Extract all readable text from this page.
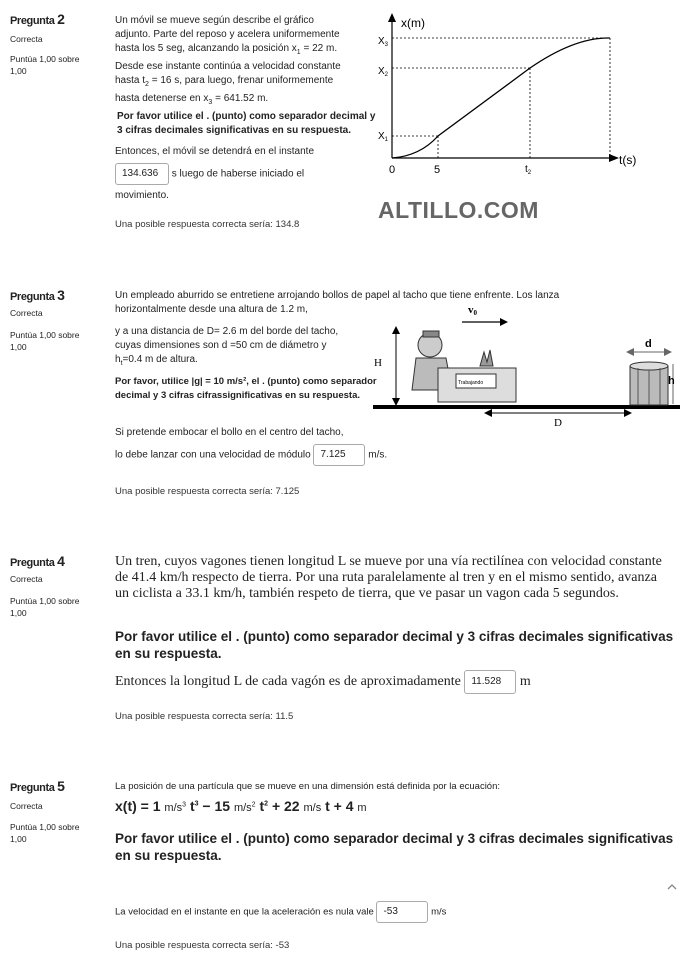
Pregunta 2
Correcta
Puntúa 1,00 sobre 1,00
Un móvil se mueve según describe el gráfico
adjunto. Parte del reposo y acelera uniformemente
hasta los 5 seg, alcanzando la posición $x_1 = 22$ m.
Desde ese instante continúa a velocidad constante
hasta $t_2 = 16$ s, para luego, frenar uniformemente
hasta detenerse en $x_3 = 641.52$ m.
Por favor utilice el . (punto) como separador decimal y 3 cifras decimales significativas en su respuesta.
Entonces, el móvil se detendrá en el instante
134.636 s luego de haberse iniciado el
movimiento.
Una posible respuesta correcta sería: 134.8
x(m)
t(s)
0	5	$t_2$
$X_3$
$X_2$
$X_1$
ALTILLO.COM
Pregunta 3
Correcta
Puntúa 1,00 sobre 1,00
Un empleado aburrido se entretiene arrojando bollos de papel al tacho que tiene enfrente. Los lanza
horizontalmente desde una altura de 1.2 m,
y a una distancia de D= 2.6 m del borde del tacho,
cuyas dimensiones son d =50 cm de diámetro y
$h_t=0.4$ m de altura.
Por favor, utilice |g| = 10 m/s², el . (punto) como separador decimal y 3 cifras cifrassignificativas en su respuesta.
Si pretende embocar el bollo en el centro del tacho,
lo debe lanzar con una velocidad de módulo 7.125 m/s.
Una posible respuesta correcta sería: 7.125
H
v0
Trabajando
D
d
h
Pregunta 4
Correcta
Puntúa 1,00 sobre 1,00
Un tren, cuyos vagones tienen longitud L se mueve por una vía rectilínea con velocidad constante de 41.4 km/h respecto de tierra. Por una ruta paralelamente al tren y en el mismo sentido, avanza un ciclista a 33.1 km/h, también respeto de tierra, que ve pasar un vagon cada 5 segundos.
Por favor utilice el . (punto) como separador decimal y 3 cifras decimales significativas en su respuesta.
Entonces la longitud L de cada vagón es de aproximadamente 11.528 m
Una posible respuesta correcta sería: 11.5
Pregunta 5
Correcta
Puntúa 1,00 sobre 1,00
La posición de una partícula que se mueve en una dimensión está definida por la ecuación:
x(t) = 1 $m/s^3$ $t^3 - 15$ $m/s^2$ $t^2 + 22$ m/s t + 4 m
Por favor utilice el . (punto) como separador decimal y 3 cifras decimales significativas en su respuesta.
La velocidad en el instante en que la aceleración es nula vale -53	m/s
Una posible respuesta correcta sería: -53
